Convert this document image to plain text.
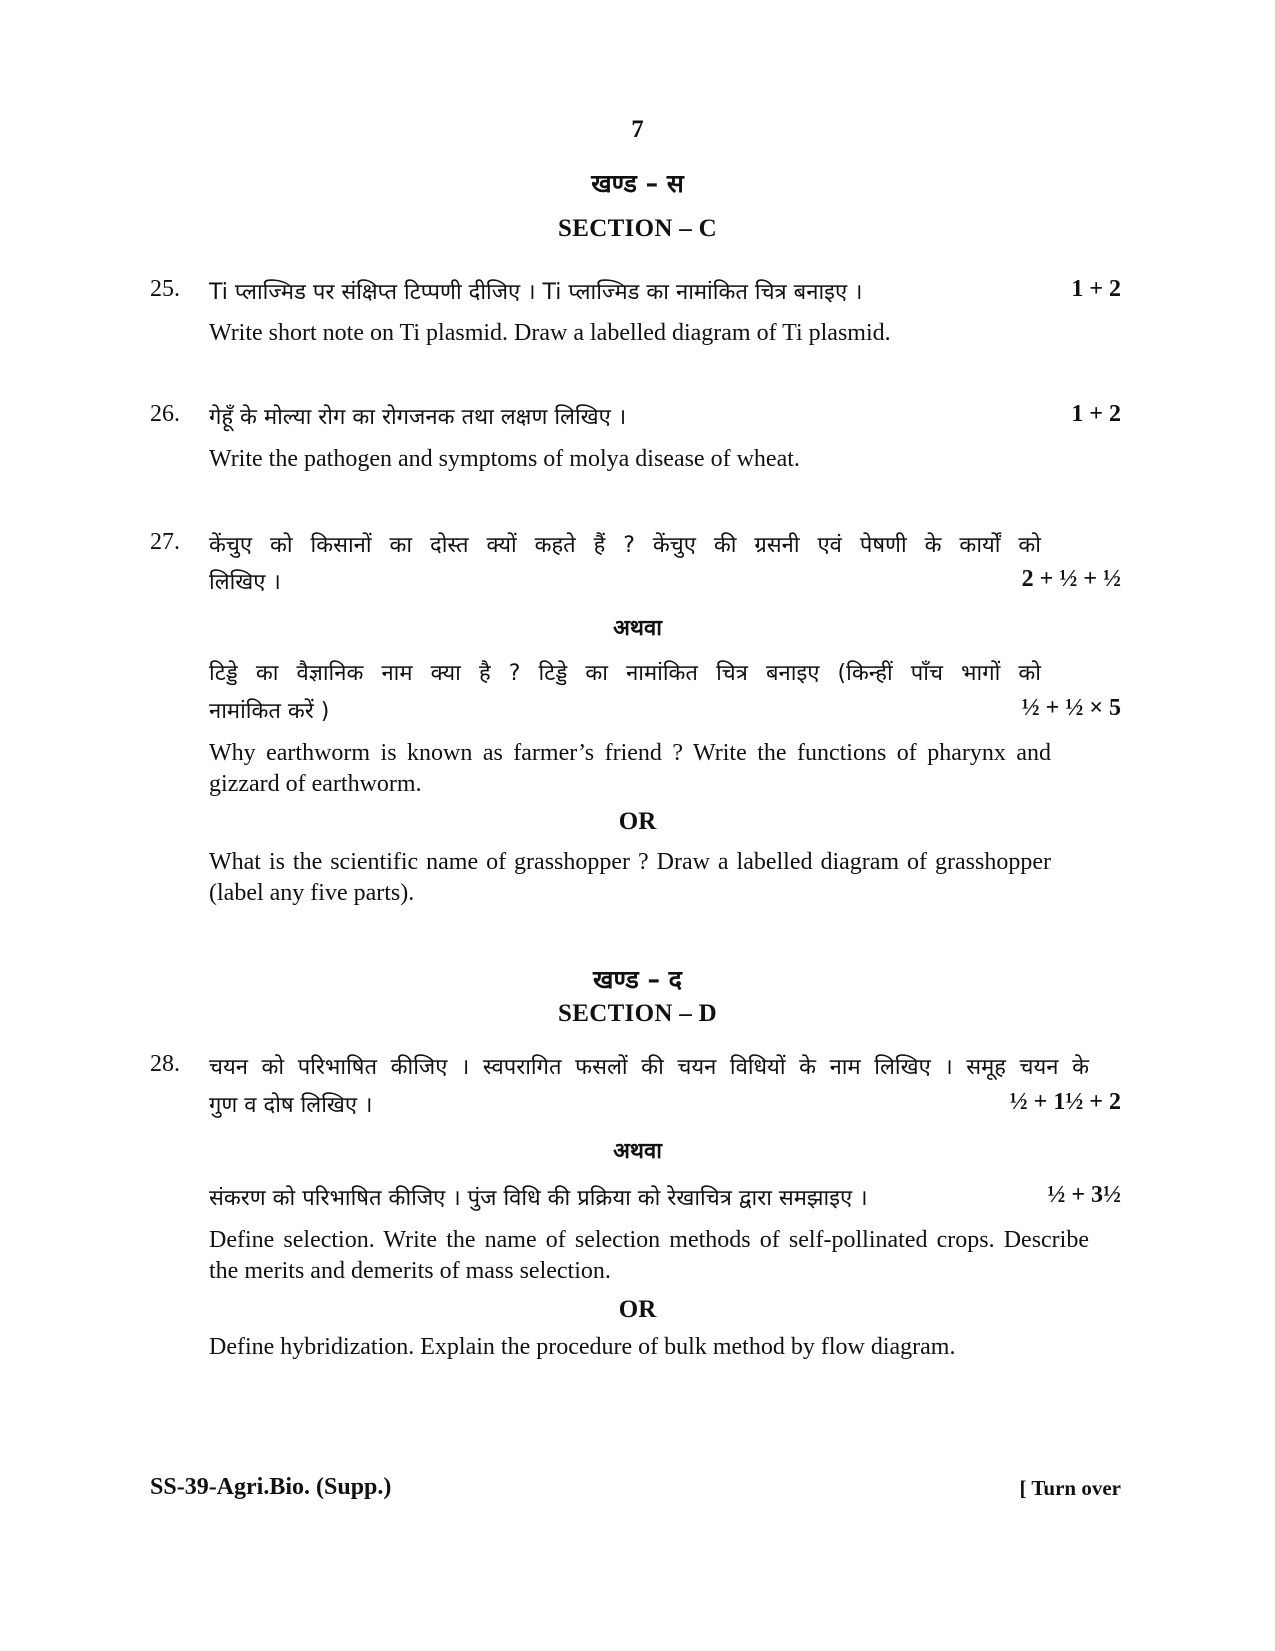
7
खण्ड – स
SECTION – C
25. Ti प्लाज्मिड पर संक्षिप्त टिप्पणी दीजिए । Ti प्लाज्मिड का नामांकित चित्र बनाइए ।	1 + 2
Write short note on Ti plasmid. Draw a labelled diagram of Ti plasmid.
26. गेहूँ के मोल्या रोग का रोगजनक तथा लक्षण लिखिए ।	1 + 2
Write the pathogen and symptoms of molya disease of wheat.
27. केंचुए को किसानों का दोस्त क्यों कहते हैं ? केंचुए की ग्रसनी एवं पेषणी के कार्यों को
लिखिए ।	2 + ½ + ½
अथवा
टिड्डे का वैज्ञानिक नाम क्या है ? टिड्डे का नामांकित चित्र बनाइए (किन्हीं पाँच भागों को
नामांकित करें )	½ + ½ × 5
Why earthworm is known as farmer’s friend ? Write the functions of pharynx and gizzard of earthworm.
OR
What is the scientific name of grasshopper ? Draw a labelled diagram of grasshopper (label any five parts).
खण्ड – द
SECTION – D
28. चयन को परिभाषित कीजिए । स्वपरागित फसलों की चयन विधियों के नाम लिखिए । समूह चयन के
गुण व दोष लिखिए ।	½ + 1½ + 2
अथवा
संकरण को परिभाषित कीजिए । पुंज विधि की प्रक्रिया को रेखाचित्र द्वारा समझाइए ।	½ + 3½
Define selection. Write the name of selection methods of self-pollinated crops. Describe the merits and demerits of mass selection.
OR
Define hybridization. Explain the procedure of bulk method by flow diagram.
SS-39-Agri.Bio. (Supp.)	[ Turn over
